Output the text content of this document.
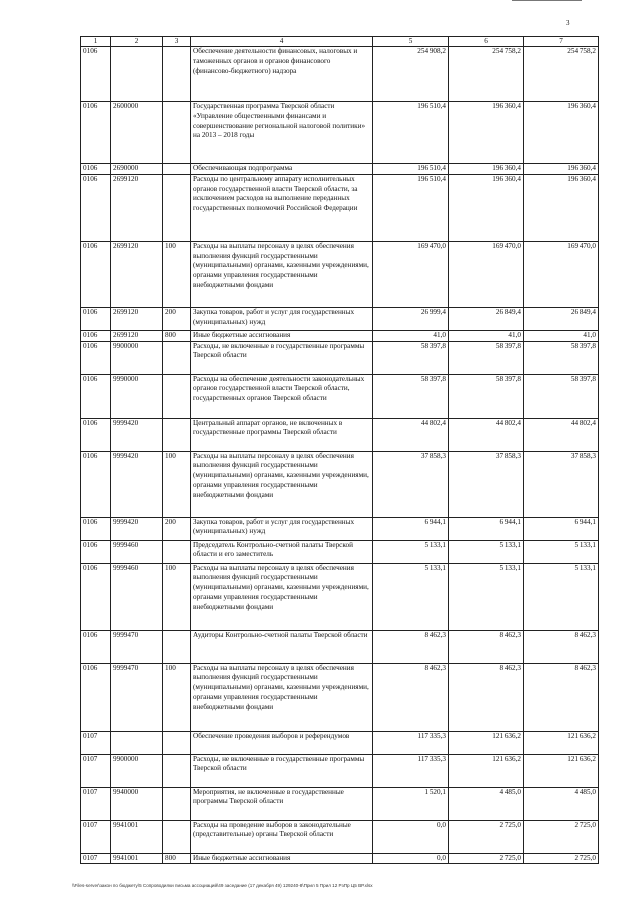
3
1	2	3	4	5	6	7
0106			Обеспечение деятельности финансовых, налоговых и таможенных органов и органов финансового (финансово-бюджетного) надзора	254 908,2	254 758,2	254 758,2
0106	2600000		Государственная программа Тверской области «Управление общественными финансами и совершенствование региональной налоговой политики» на 2013 – 2018 годы	196 510,4	196 360,4	196 360,4
0106	2690000		Обеспечивающая подпрограмма	196 510,4	196 360,4	196 360,4
0106	2699120		Расходы по центральному аппарату исполнительных органов государственной власти Тверской области, за исключением расходов на выполнение переданных государственных полномочий Российской Федерации	196 510,4	196 360,4	196 360,4
0106	2699120	100	Расходы на выплаты персоналу в целях обеспечения выполнения функций государственными (муниципальными) органами, казенными учреждениями, органами управления государственными внебюджетными фондами	169 470,0	169 470,0	169 470,0
0106	2699120	200	Закупка товаров, работ и услуг для государственных (муниципальных) нужд	26 999,4	26 849,4	26 849,4
0106	2699120	800	Иные бюджетные ассигнования	41,0	41,0	41,0
0106	9900000		Расходы, не включенные в государственные программы Тверской области	58 397,8	58 397,8	58 397,8
0106	9990000		Расходы на обеспечение деятельности законодательных органов государственной власти Тверской области, государственных органов Тверской области	58 397,8	58 397,8	58 397,8
0106	9999420		Центральный аппарат органов, не включенных в государственные программы Тверской области	44 802,4	44 802,4	44 802,4
0106	9999420	100	Расходы на выплаты персоналу в целях обеспечения выполнения функций государственными (муниципальными) органами, казенными учреждениями, органами управления государственными внебюджетными фондами	37 858,3	37 858,3	37 858,3
0106	9999420	200	Закупка товаров, работ и услуг для государственных (муниципальных) нужд	6 944,1	6 944,1	6 944,1
0106	9999460		Председатель Контрольно-счетной палаты Тверской области и его заместитель	5 133,1	5 133,1	5 133,1
0106	9999460	100	Расходы на выплаты персоналу в целях обеспечения выполнения функций государственными (муниципальными) органами, казенными учреждениями, органами управления государственными внебюджетными фондами	5 133,1	5 133,1	5 133,1
0106	9999470		Аудиторы Контрольно-счетной палаты Тверской области	8 462,3	8 462,3	8 462,3
0106	9999470	100	Расходы на выплаты персоналу в целях обеспечения выполнения функций государственными (муниципальными) органами, казенными учреждениями, органами управления государственными внебюджетными фондами	8 462,3	8 462,3	8 462,3
0107			Обеспечение проведения выборов и референдумов	117 335,3	121 636,2	121 636,2
0107	9900000		Расходы, не включенные в государственные программы Тверской области	117 335,3	121 636,2	121 636,2
0107	9940000		Мероприятия, не включенные в государственные программы Тверской области	1 520,1	4 485,0	4 485,0
0107	9941001		Расходы на проведение выборов в законодательные (представительные) органы Тверской области	0,0	2 725,0	2 725,0
0107	9941001	800	Иные бюджетные ассигнования	0,0	2 725,0	2 725,0
\\Files-server\закон по бюджету\5 Сопроводилки письма ассоциаций\49 заседание (17 декабря 49) 129240-8\Прил 5 Прил 12 РзПр Ц5 ВР.xlsx
